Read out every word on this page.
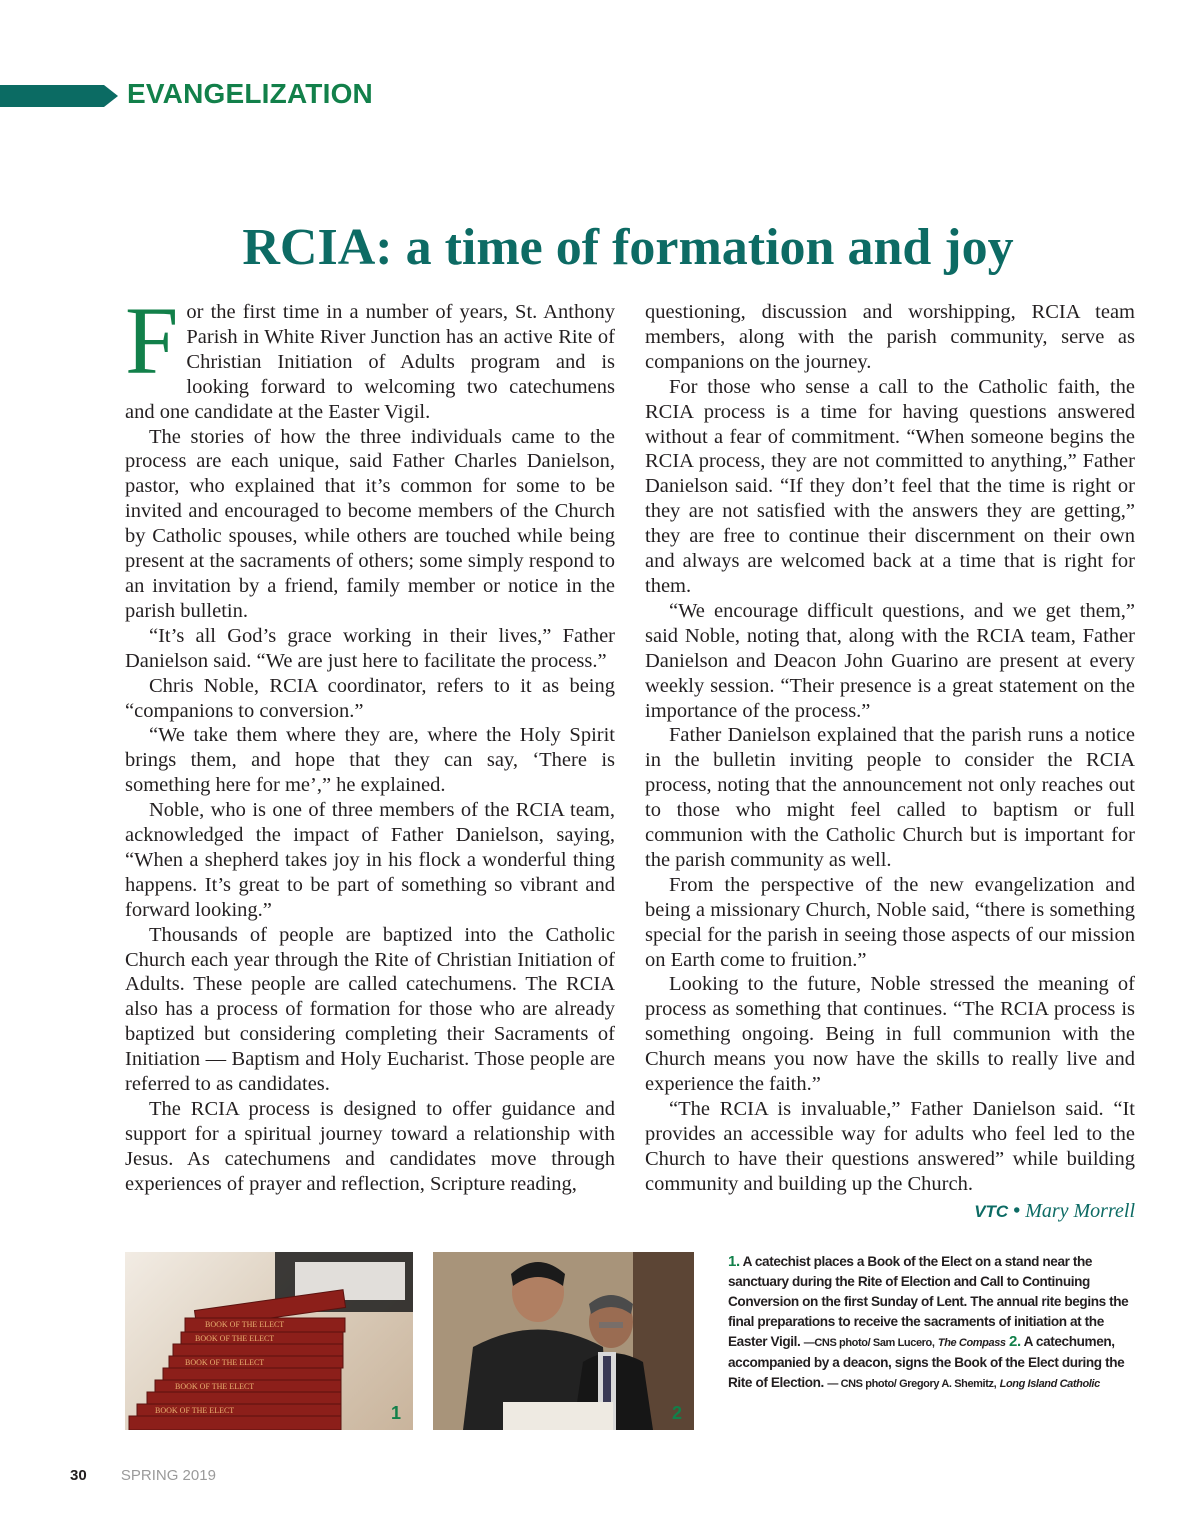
EVANGELIZATION
RCIA: a time of formation and joy

For the first time in a number of years, St. Anthony Parish in White River Junction has an active Rite of Christian Initiation of Adults program and is looking forward to welcoming two catechumens and one candidate at the Easter Vigil.

The stories of how the three individuals came to the process are each unique, said Father Charles Danielson, pastor, who explained that it’s common for some to be invited and encouraged to become members of the Church by Catholic spouses, while others are touched while being present at the sacraments of others; some simply respond to an invitation by a friend, family member or notice in the parish bulletin.

“It’s all God’s grace working in their lives,” Father Danielson said. “We are just here to facilitate the process.”

Chris Noble, RCIA coordinator, refers to it as being “companions to conversion.”

“We take them where they are, where the Holy Spirit brings them, and hope that they can say, ‘There is something here for me’,” he explained.

Noble, who is one of three members of the RCIA team, acknowledged the impact of Father Danielson, saying, “When a shepherd takes joy in his flock a wonderful thing happens. It’s great to be part of something so vibrant and forward looking.”

Thousands of people are baptized into the Catholic Church each year through the Rite of Christian Initiation of Adults. These people are called catechumens. The RCIA also has a process of formation for those who are already baptized but considering completing their Sacraments of Initiation — Baptism and Holy Eucharist. Those people are referred to as candidates.

The RCIA process is designed to offer guidance and support for a spiritual journey toward a relationship with Jesus. As catechumens and candidates move through experiences of prayer and reflection, Scripture reading,

questioning, discussion and worshipping, RCIA team members, along with the parish community, serve as companions on the journey.

For those who sense a call to the Catholic faith, the RCIA process is a time for having questions answered without a fear of commitment. “When someone begins the RCIA process, they are not committed to anything,” Father Danielson said. “If they don’t feel that the time is right or they are not satisfied with the answers they are getting,” they are free to continue their discernment on their own and always are welcomed back at a time that is right for them.

“We encourage difficult questions, and we get them,” said Noble, noting that, along with the RCIA team, Father Danielson and Deacon John Guarino are present at every weekly session. “Their presence is a great statement on the importance of the process.”

Father Danielson explained that the parish runs a notice in the bulletin inviting people to consider the RCIA process, noting that the announcement not only reaches out to those who might feel called to baptism or full communion with the Catholic Church but is important for the parish community as well.

From the perspective of the new evangelization and being a missionary Church, Noble said, “there is something special for the parish in seeing those aspects of our mission on Earth come to fruition.”

Looking to the future, Noble stressed the meaning of process as something that continues. “The RCIA process is something ongoing. Being in full communion with the Church means you now have the skills to really live and experience the faith.”

“The RCIA is invaluable,” Father Danielson said. “It provides an accessible way for adults who feel led to the Church to have their questions answered” while building community and building up the Church.

VTC • Mary Morrell
BOOK OF THE ELECT
BOOK OF THE ELECT
BOOK OF THE ELECT
BOOK OF THE ELECT
BOOK OF THE ELECT	1	2
1. A catechist places a Book of the Elect on a stand near the sanctuary during the Rite of Election and Call to Continuing Conversion on the first Sunday of Lent. The annual rite begins the final preparations to receive the sacraments of initiation at the Easter Vigil. —CNS photo/ Sam Lucero, The Compass 2. A catechumen, accompanied by a deacon, signs the Book of the Elect during the Rite of Election. — CNS photo/ Gregory A. Shemitz, Long Island Catholic
30 SPRING 2019
